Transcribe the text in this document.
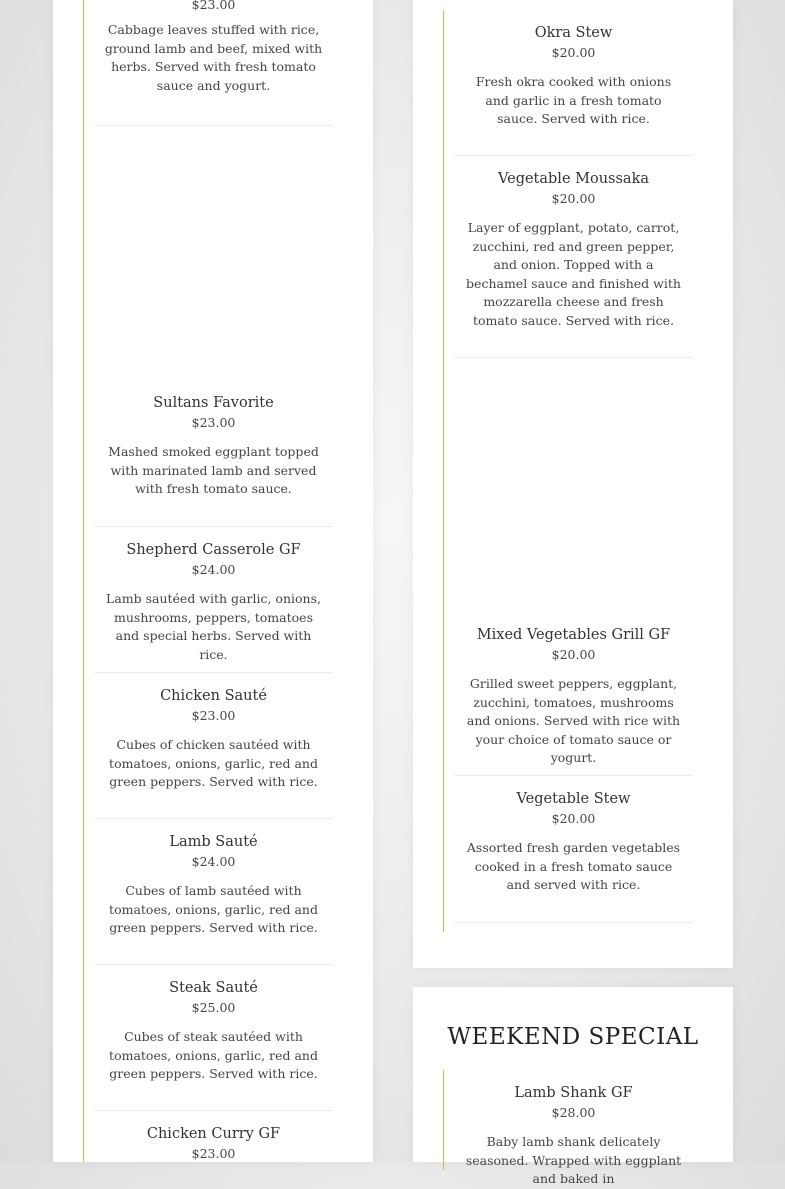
$23.00
Cabbage leaves stuffed with rice, ground lamb and beef, mixed with herbs. Served with fresh tomato sauce and yogurt.
Sultans Favorite
$23.00
Mashed smoked eggplant topped with marinated lamb and served with fresh tomato sauce.
Shepherd Casserole GF
$24.00
Lamb sautéed with garlic, onions, mushrooms, peppers, tomatoes and special herbs. Served with rice.
Chicken Sauté
$23.00
Cubes of chicken sautéed with tomatoes, onions, garlic, red and green peppers. Served with rice.
Lamb Sauté
$24.00
Cubes of lamb sautéed with tomatoes, onions, garlic, red and green peppers. Served with rice.
Steak Sauté
$25.00
Cubes of steak sautéed with tomatoes, onions, garlic, red and green peppers. Served with rice.
Chicken Curry GF
$23.00
Okra Stew
$20.00
Fresh okra cooked with onions and garlic in a fresh tomato sauce. Served with rice.
Vegetable Moussaka
$20.00
Layer of eggplant, potato, carrot, zucchini, red and green pepper, and onion. Topped with a bechamel sauce and finished with mozzarella cheese and fresh tomato sauce. Served with rice.
Mixed Vegetables Grill GF
$20.00
Grilled sweet peppers, eggplant, zucchini, tomatoes, mushrooms and onions. Served with rice with your choice of tomato sauce or yogurt.
Vegetable Stew
$20.00
Assorted fresh garden vegetables cooked in a fresh tomato sauce and served with rice.
WEEKEND SPECIAL
Lamb Shank GF
$28.00
Baby lamb shank delicately seasoned. Wrapped with eggplant and baked in
